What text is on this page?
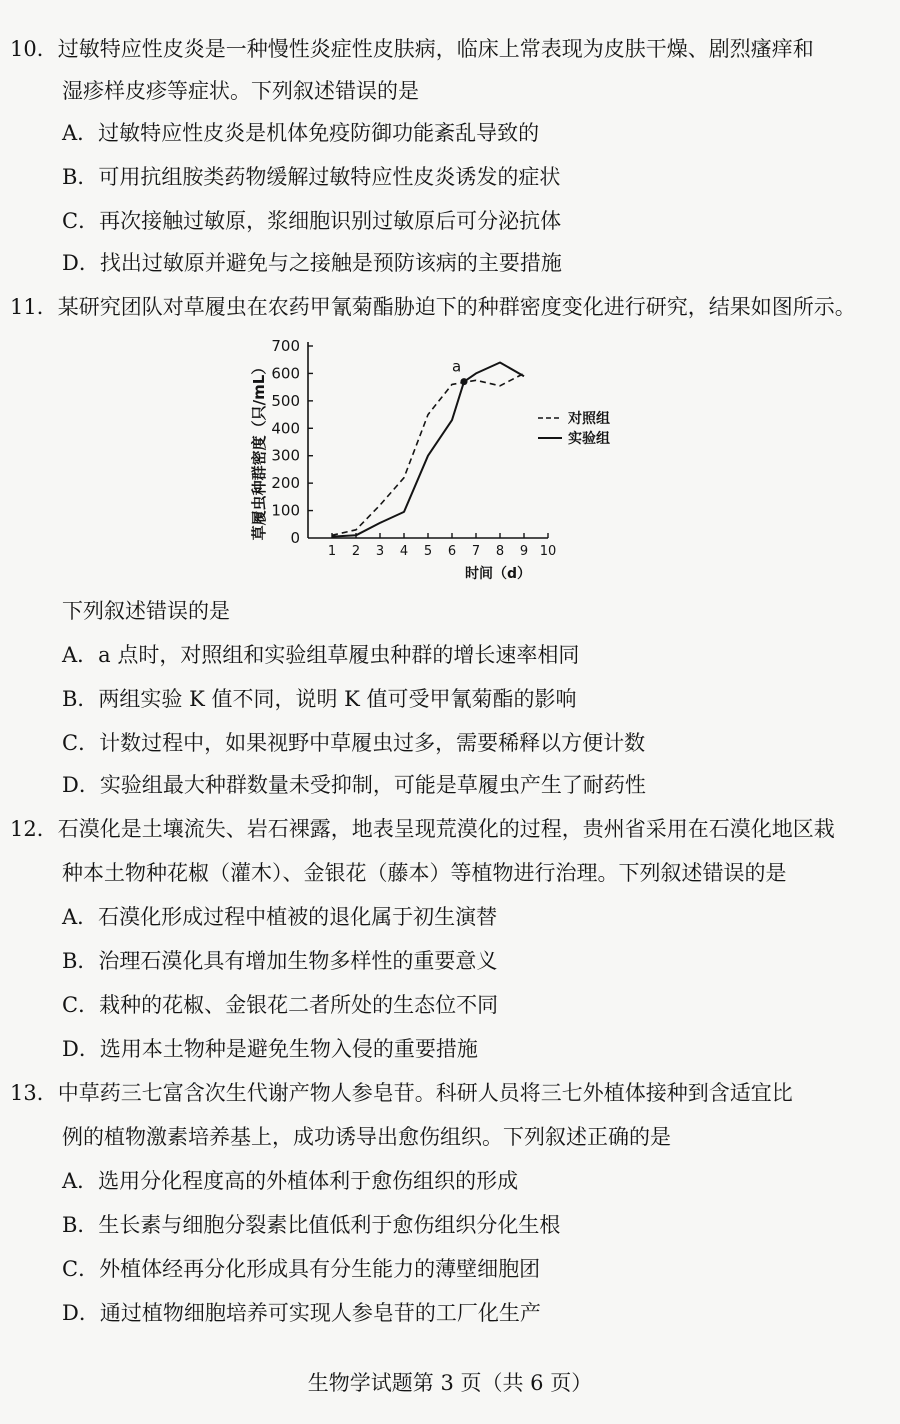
10．过敏特应性皮炎是一种慢性炎症性皮肤病，临床上常表现为皮肤干燥、剧烈瘙痒和
湿疹样皮疹等症状。下列叙述错误的是
A．过敏特应性皮炎是机体免疫防御功能紊乱导致的
B．可用抗组胺类药物缓解过敏特应性皮炎诱发的症状
C．再次接触过敏原，浆细胞识别过敏原后可分泌抗体
D．找出过敏原并避免与之接触是预防该病的主要措施
11．某研究团队对草履虫在农药甲氰菊酯胁迫下的种群密度变化进行研究，结果如图所示。
0
100
200
300
400
500
600
700
1 2 3 4 5 6 7 8 9 10
a
对照组
实验组
草履虫种群密度（只/mL）
时间（d）
下列叙述错误的是
A．a 点时，对照组和实验组草履虫种群的增长速率相同
B．两组实验 K 值不同，说明 K 值可受甲氰菊酯的影响
C．计数过程中，如果视野中草履虫过多，需要稀释以方便计数
D．实验组最大种群数量未受抑制，可能是草履虫产生了耐药性
12．石漠化是土壤流失、岩石裸露，地表呈现荒漠化的过程，贵州省采用在石漠化地区栽
种本土物种花椒（灌木）、金银花（藤本）等植物进行治理。下列叙述错误的是
A．石漠化形成过程中植被的退化属于初生演替
B．治理石漠化具有增加生物多样性的重要意义
C．栽种的花椒、金银花二者所处的生态位不同
D．选用本土物种是避免生物入侵的重要措施
13．中草药三七富含次生代谢产物人参皂苷。科研人员将三七外植体接种到含适宜比
例的植物激素培养基上，成功诱导出愈伤组织。下列叙述正确的是
A．选用分化程度高的外植体利于愈伤组织的形成
B．生长素与细胞分裂素比值低利于愈伤组织分化生根
C．外植体经再分化形成具有分生能力的薄壁细胞团
D．通过植物细胞培养可实现人参皂苷的工厂化生产
生物学试题第 3 页（共 6 页）
